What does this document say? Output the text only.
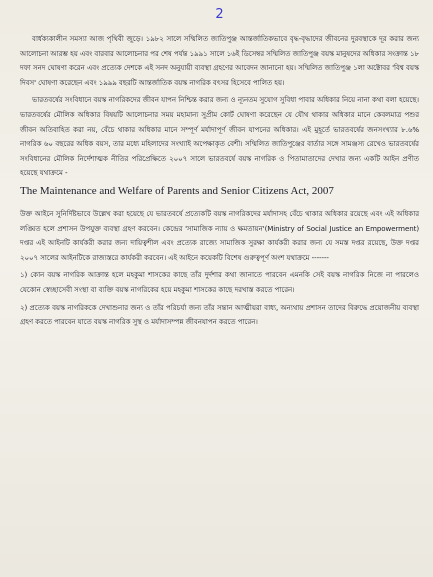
2

বার্ধক্যকালীন সমস্যা আজ পৃথিবী জুড়ে। ১৯৮২ সালে সম্মিলিত জাতিপুঞ্জ আন্তর্জাতিকভাবে বৃদ্ধ-বৃদ্ধাদের জীবনের দুরবস্থাকে দূর করার জন্য আলোচনা আরম্ভ হয় এবং বারবার আলোচনার পর শেষ পর্যন্ত ১৯৯১ সালে ১৬ই ডিসেম্বর সম্মিলিত জাতিপুঞ্জ বয়স্ক মানুষদের অধিকার সংক্রান্ত ১৮ দফা সনদ ঘোষণা করেন এবং প্রত্যেক দেশকে এই সনদ অনুযায়ী ব্যবস্থা গ্রহণের আবেদন জানানো হয়। সম্মিলিত জাতিপুঞ্জ ১লা অক্টোবর 'বিশ্ব বয়স্ক দিবস' ঘোষণা করেছেন এবং ১৯৯৯ বছরটি আন্তর্জাতিক বয়স্ক নাগরিক বৎসর হিসেবে পালিত হয়।

ভারতবর্ষের সংবিধানে বয়স্ক নাগরিকদের জীবন যাপন নিশ্চিন্ত করার জন্য ও ন্যূনতম সুযোগ সুবিধা পাবার অধিকার নিয়ে নানা কথা বলা হয়েছে। ভারতবর্ষের মৌলিক অধিকার বিষয়টি আলোচনার সময় মহামান্য সুপ্রীম কোর্ট ঘোষণা করেছেন যে যৌথ থাকার অধিকার মানে কেবলমাত্র পশুর জীবন অতিবাহিত করা নয়, বেঁচে থাকার অধিকার মানে সম্পূর্ণ মর্যাদাপূর্ণ জীবন যাপনের অধিকার। এই মুহূর্তে ভারতবর্ষের জনসংখ্যার ৮.৬% নাগরিক ৬০ বছরের অধিক বয়স, তার মধ্যে মহিলাদের সংখ্যাই অপেক্ষাকৃত বেশী। সম্মিলিত জাতিপুঞ্জের বার্তার সঙ্গে সামঞ্জস্য রেখেও ভারতবর্ষের সংবিধানের মৌলিক নির্দেশাত্মক নীতির পরিপ্রেক্ষিতে ২০০৭ সালে ভারতবর্ষে বয়স্ক নাগরিক ও পিতামাতাদের দেখার জন্য একটি আইন প্রণীত হয়েছে যথাক্রমে -

The Maintenance and Welfare of Parents and Senior Citizens Act, 2007

উক্ত আইনে সুনির্দিষ্টভাবে উল্লেখ করা হয়েছে যে ভারতবর্ষে প্রত্যেকটি বয়স্ক নাগরিকদের মর্যাদাসহ বেঁচে থাকার অধিকার রয়েছে এবং এই অধিকার লঙ্ঘিত হলে প্রশাসন উপযুক্ত ব্যবস্থা গ্রহণ করবেন। কেন্দ্রের 'সামাজিক ন্যায় ও ক্ষমতায়ন'(Ministry of Social Justice an Empowerment) দপ্তর এই আইনটি কার্যকরী করার জন্য দায়িত্বশীল এবং প্রত্যেক রাজ্যে সামাজিক সুরক্ষা কার্যকরী করার জন্য যে সমস্ত দপ্তর রয়েছে, উক্ত দপ্তর ২০০৭ সালের আইনটিকে রাজ্যস্তরে কার্যকরী করবেন। এই আইনে কয়েকটি বিশেষ গুরুত্বপূর্ণ অংশ যথাক্রমে -------

১) কোন বয়স্ক নাগরিক আক্রান্ত হলে মহকুমা শাসকের কাছে তাঁর দুর্দশার কথা জানাতে পারবেন এমনকি সেই বয়স্ক নাগরিক নিজে না পারলেও যেকোন স্বেচ্ছাসেবী সংস্থা বা ব্যক্তি বয়স্ক নাগরিকের হয়ে মহকুমা শাসকের কাছে দরখাস্ত করতে পারেন।
২) প্রত্যেক বয়স্ক নাগরিককে দেখাশুনার জন্য ও তাঁর পরিচর্যা জন্য তাঁর সন্তান আত্মীয়রা বাধ্য, অন্যথায় প্রশাসন তাদের বিরুদ্ধে প্রয়োজনীয় ব্যবস্থা গ্রহণ করতে পারবেন যাতে বয়স্ক নাগরিক সুস্থ ও মর্যাদাসম্পন্ন জীবনযাপন করতে পারেন।
